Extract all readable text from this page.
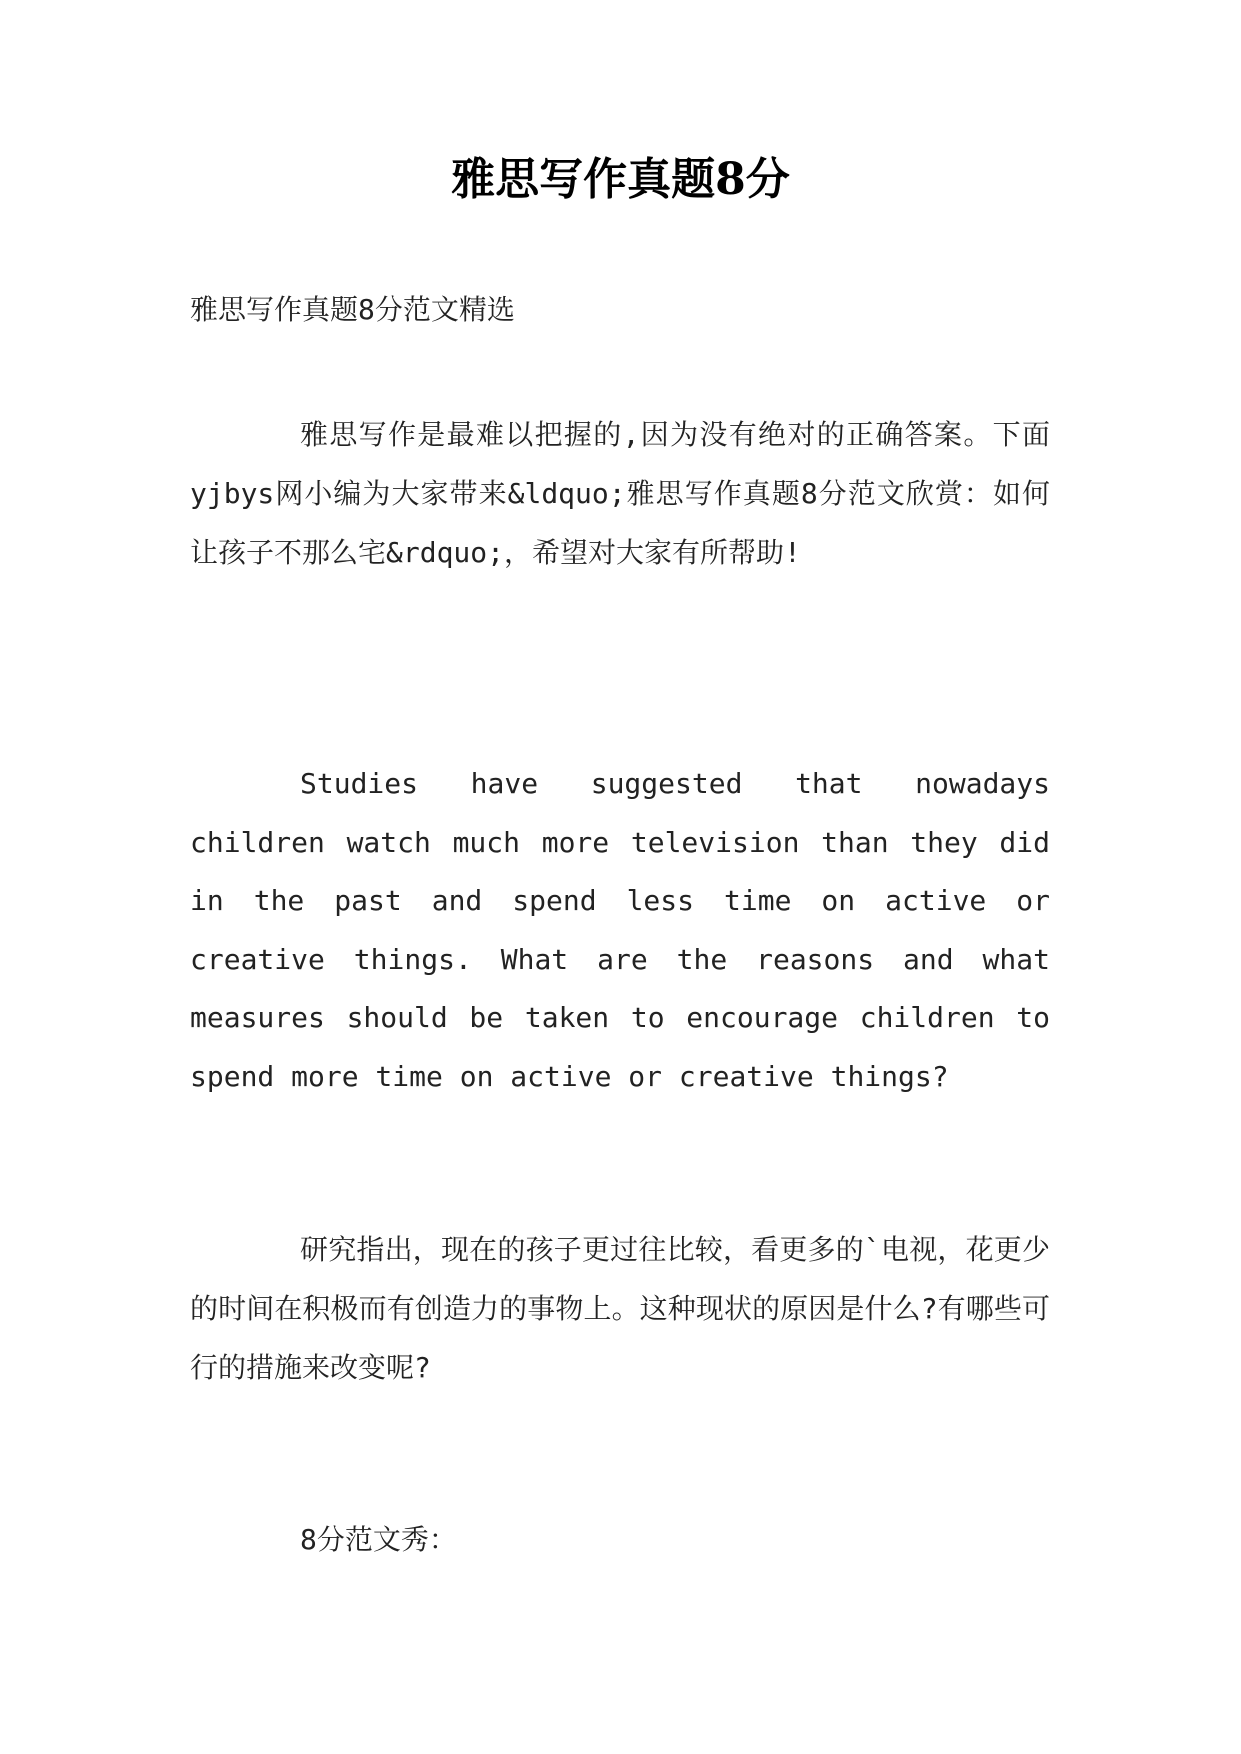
雅思写作真题8分

雅思写作真题8分范文精选

雅思写作是最难以把握的,因为没有绝对的正确答案。下面yjbys网小编为大家带来&ldquo;雅思写作真题8分范文欣赏：如何让孩子不那么宅&rdquo;，希望对大家有所帮助!

Studies have suggested that nowadays children watch much more television than they did in the past and spend less time on active or creative things. What are the reasons and what measures should be taken to encourage children to spend more time on active or creative things?

研究指出，现在的孩子更过往比较，看更多的`电视，花更少的时间在积极而有创造力的事物上。这种现状的原因是什么?有哪些可行的措施来改变呢?

8分范文秀：
